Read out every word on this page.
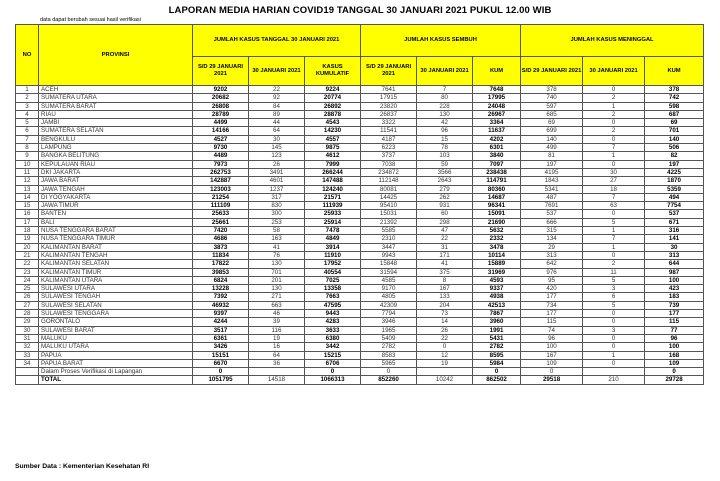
LAPORAN MEDIA HARIAN COVID19 TANGGAL 30 JANUARI 2021 PUKUL 12.00 WIB
data dapat berubah sesuai hasil verifikasi
NO	PROVINSI	JUMLAH KASUS TANGGAL 30 JANUARI 2021			JUMLAH KASUS SEMBUH			JUMLAH KASUS MENINGGAL		
		S/D 29 JANUARI 2021	30 JANUARI 2021	KASUS KUMULATIF	S/D 29 JANUARI 2021	30 JANUARI 2021	KUM	S/D 29 JANUARI 2021	30 JANUARI 2021	KUM
1	ACEH	9202	22	9224	7641	7	7648	378	0	378
2	SUMATERA UTARA	20682	92	20774	17915	80	17995	740	2	742
3	SUMATERA BARAT	26808	84	26892	23820	228	24048	597	1	598
4	RIAU	28789	89	28878	26837	130	26967	685	2	687
5	JAMBI	4499	44	4543	3322	42	3364	69	0	69
6	SUMATERA SELATAN	14166	64	14230	11541	96	11637	699	2	701
7	BENGKULU	4527	30	4557	4187	15	4202	140	0	140
8	LAMPUNG	9730	145	9875	6223	78	6301	499	7	506
9	BANGKA BELITUNG	4489	123	4612	3737	103	3840	81	1	82
10	KEPULAUAN RIAU	7973	26	7999	7038	59	7097	197	0	197
11	DKI JAKARTA	262753	3491	266244	234872	3566	238438	4195	30	4225
12	JAWA BARAT	142887	4601	147488	112148	2643	114791	1843	27	1870
13	JAWA TENGAH	123003	1237	124240	80081	279	80360	5341	18	5359
14	DI YOGYAKARTA	21254	317	21571	14425	262	14687	487	7	494
15	JAWA TIMUR	111109	830	111939	95410	931	96341	7691	63	7754
16	BANTEN	25633	300	25933	15031	60	15091	537	0	537
17	BALI	25661	253	25914	21392	298	21690	666	5	671
18	NUSA TENGGARA BARAT	7420	58	7478	5585	47	5632	315	1	316
19	NUSA TENGGARA TIMUR	4686	163	4849	2310	22	2332	134	7	141
20	KALIMANTAN BARAT	3873	41	3914	3447	31	3478	29	1	30
21	KALIMANTAN TENGAH	11834	76	11910	9943	171	10114	313	0	313
22	KALIMANTAN SELATAN	17822	130	17952	15848	41	15889	642	2	644
23	KALIMANTAN TIMUR	39853	701	40554	31594	375	31969	976	11	987
24	KALIMANTAN UTARA	6824	201	7025	4585	8	4593	95	5	100
25	SULAWESI UTARA	13228	130	13358	9170	167	9337	420	3	423
26	SULAWESI TENGAH	7392	271	7663	4805	133	4938	177	6	183
27	SULAWESI SELATAN	46932	663	47595	42309	204	42513	734	5	739
28	SULAWESI TENGGARA	9397	46	9443	7794	73	7867	177	0	177
29	GORONTALO	4244	39	4283	3946	14	3960	115	0	115
30	SULAWESI BARAT	3517	116	3633	1965	26	1991	74	3	77
31	MALUKU	6361	19	6380	5409	22	5431	96	0	96
32	MALUKU UTARA	3426	16	3442	2782	0	2782	100	0	100
33	PAPUA	15151	64	15215	8583	12	8595	167	1	168
34	PAPUA BARAT	6670	36	6706	5965	19	5984	109	0	109
	Dalam Proses Verifikasi di Lapangan	0		0	0		0	0		0
	TOTAL	1051795	14518	1066313	852260	10242	862502	29518	210	29728
Sumber Data : Kementerian Kesehatan RI
